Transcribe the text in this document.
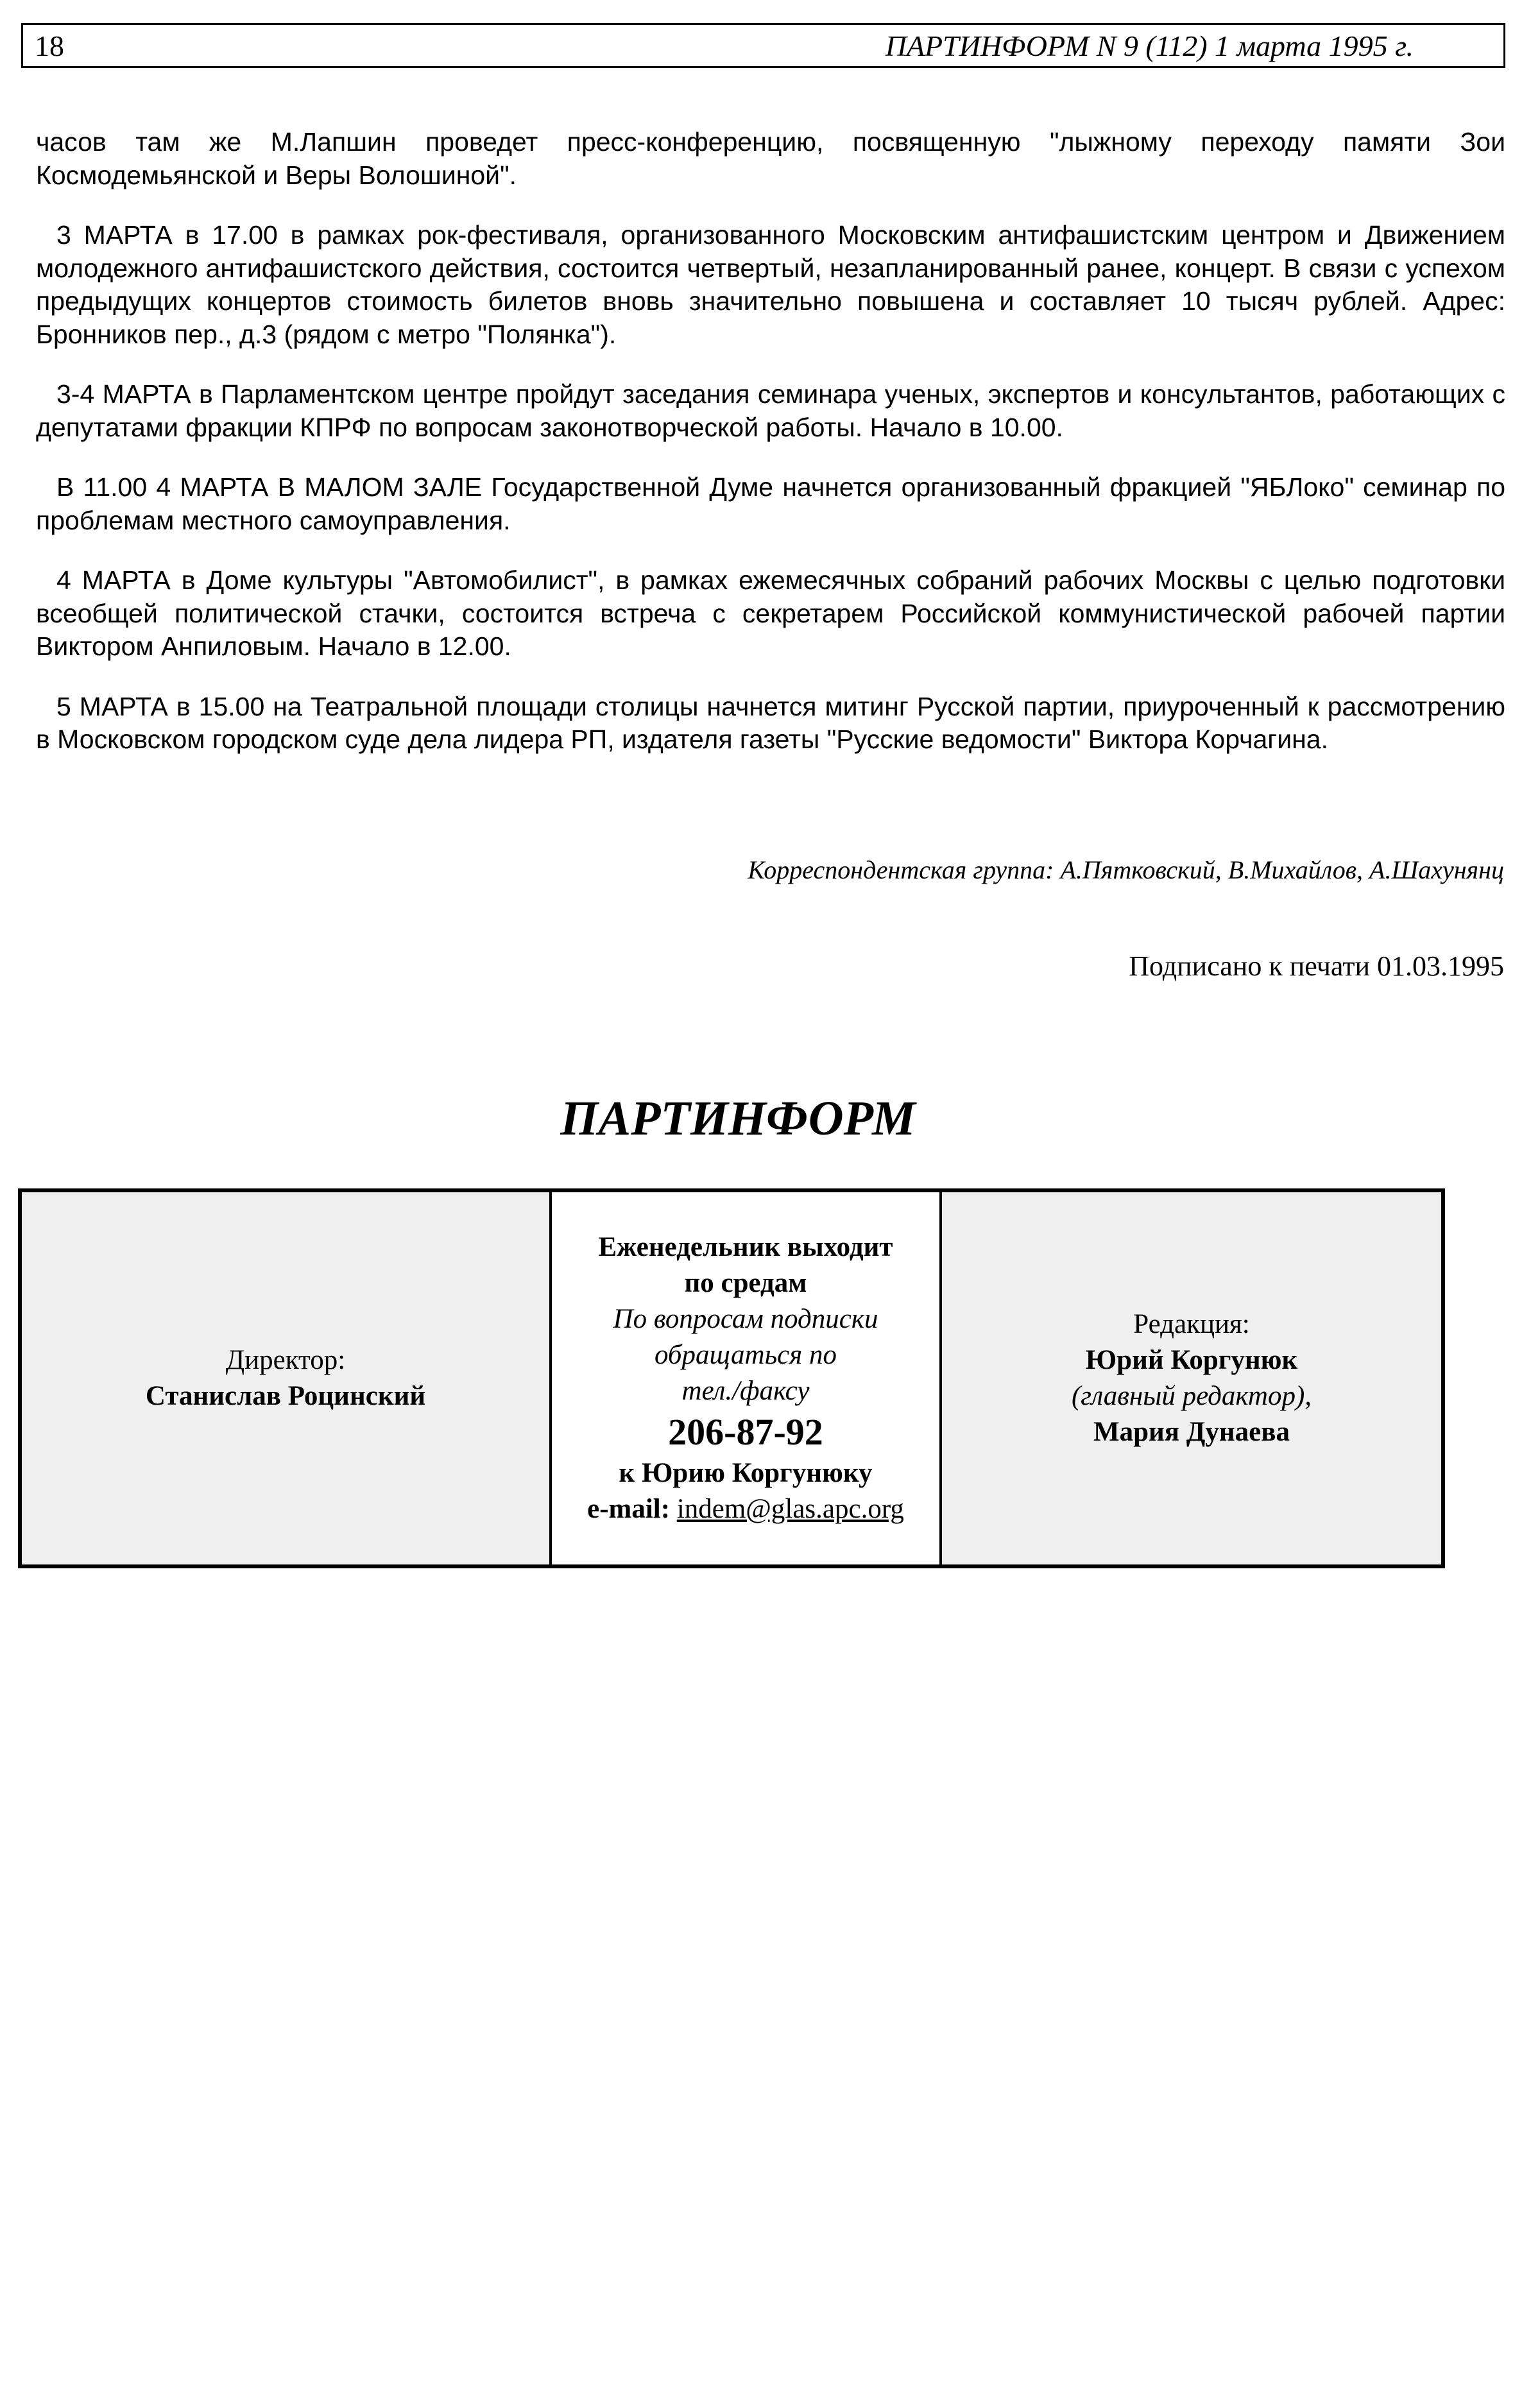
18	ПАРТИНФОРМ N 9 (112) 1 марта 1995 г.

часов там же М.Лапшин проведет пресс-конференцию, посвященную "лыжному переходу памяти Зои Космодемьянской и Веры Волошиной".

3 МАРТА в 17.00 в рамках рок-фестиваля, организованного Московским антифашистским центром и Движением молодежного антифашистского действия, состоится четвертый, незапланированный ранее, концерт. В связи с успехом предыдущих концертов стоимость билетов вновь значительно повышена и составляет 10 тысяч рублей. Адрес: Бронников пер., д.3 (рядом с метро "Полянка").

3-4 МАРТА в Парламентском центре пройдут заседания семинара ученых, экспертов и консультантов, работающих с депутатами фракции КПРФ по вопросам законотворческой работы. Начало в 10.00.

В 11.00 4 МАРТА В МАЛОМ ЗАЛЕ Государственной Думе начнется организованный фракцией "ЯБЛоко" семинар по проблемам местного самоуправления.

4 МАРТА в Доме культуры "Автомобилист", в рамках ежемесячных собраний рабочих Москвы с целью подготовки всеобщей политической стачки, состоится встреча с секретарем Российской коммунистической рабочей партии Виктором Анпиловым. Начало в 12.00.

5 МАРТА в 15.00 на Театральной площади столицы начнется митинг Русской партии, приуроченный к рассмотрению в Московском городском суде дела лидера РП, издателя газеты "Русские ведомости" Виктора Корчагина.

Корреспондентская группа: А.Пятковский, В.Михайлов, А.Шахунянц
Подписано к печати 01.03.1995
ПАРТИНФОРМ
Директор:
Станислав Роцинский
Еженедельник выходит
по средам
По вопросам подписки
обращаться по
тел./факсу
206-87-92
к Юрию Коргунюку
e-mail: indem@glas.apc.org
Редакция:
Юрий Коргунюк
(главный редактор),
Мария Дунаева
